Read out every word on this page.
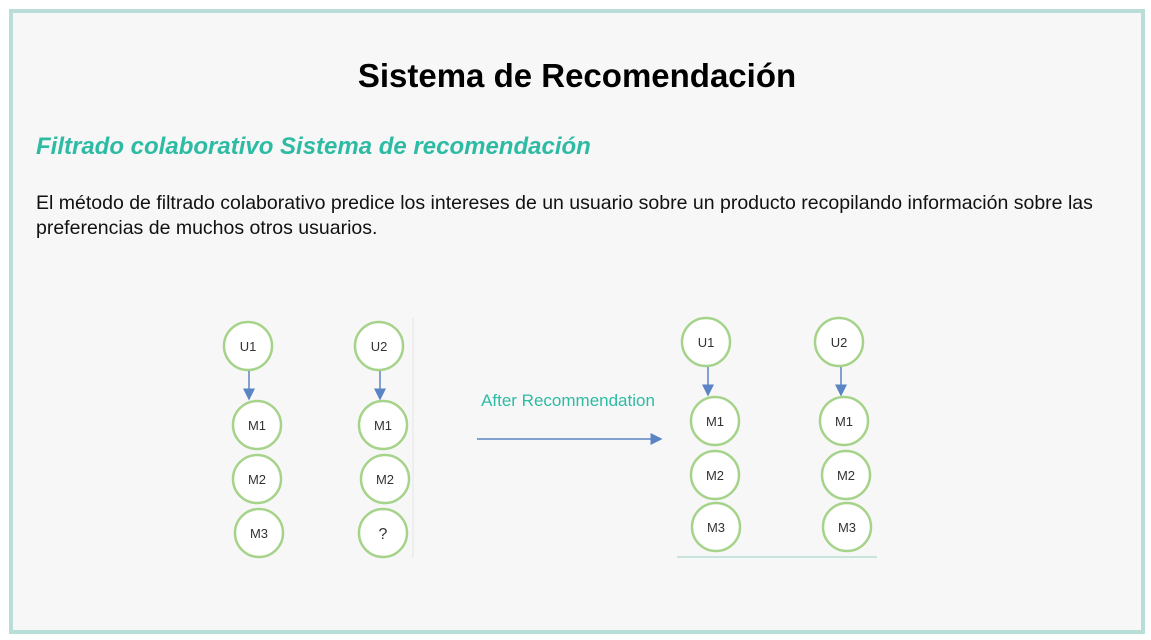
Sistema de Recomendación
Filtrado colaborativo Sistema de recomendación
El método de filtrado colaborativo predice los intereses de un usuario sobre un producto recopilando información sobre las preferencias de muchos otros usuarios.
U1
M1
M2
M3
U2
M1
M2
?
After Recommendation
U1
M1
M2
M3
U2
M1
M2
M3
